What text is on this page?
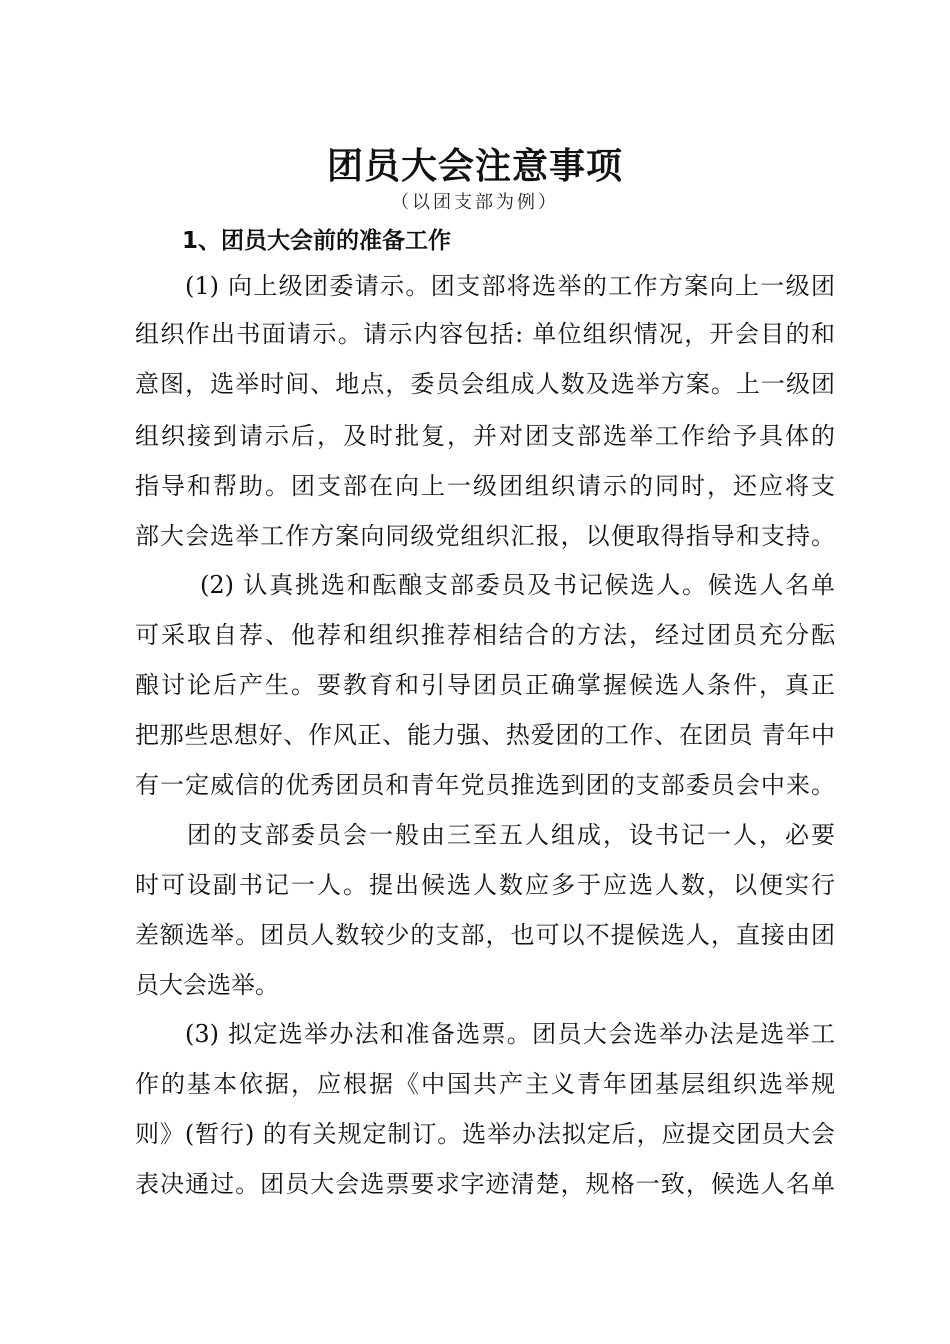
团员大会注意事项
（以团支部为例）
1、团员大会前的准备工作
(1) 向上级团委请示。团支部将选举的工作方案向上一级团
组织作出书面请示。请示内容包括: 单位组织情况，开会目的和
意图，选举时间、地点，委员会组成人数及选举方案。上一级团
组织接到请示后，及时批复，并对团支部选举工作给予具体的
指导和帮助。团支部在向上一级团组织请示的同时，还应将支
部大会选举工作方案向同级党组织汇报，以便取得指导和支持。
(2) 认真挑选和酝酿支部委员及书记候选人。候选人名单
可采取自荐、他荐和组织推荐相结合的方法，经过团员充分酝
酿讨论后产生。要教育和引导团员正确掌握候选人条件，真正
把那些思想好、作风正、能力强、热爱团的工作、在团员 青年中
有一定威信的优秀团员和青年党员推选到团的支部委员会中来。
团的支部委员会一般由三至五人组成，设书记一人，必要
时可设副书记一人。提出候选人数应多于应选人数，以便实行
差额选举。团员人数较少的支部，也可以不提候选人，直接由团
员大会选举。
(3) 拟定选举办法和准备选票。团员大会选举办法是选举工
作的基本依据，应根据《中国共产主义青年团基层组织选举规
则》(暂行) 的有关规定制订。选举办法拟定后，应提交团员大会
表决通过。团员大会选票要求字迹清楚，规格一致，候选人名单
